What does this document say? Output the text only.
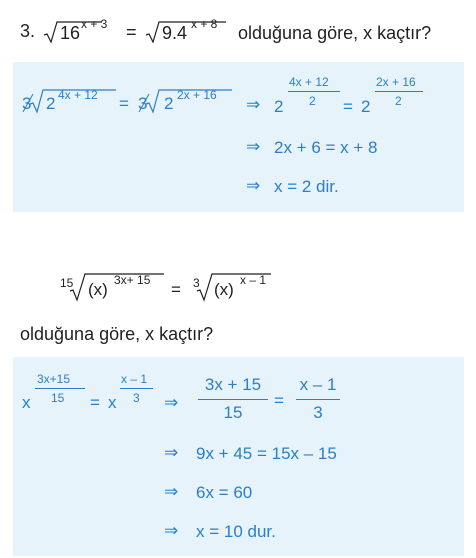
3. 16 x + 3 = 9.4 x + 8 olduğuna göre, x kaçtır?
3 2 4x + 12 = 3 2 2x + 16 ⇒ 2
4x + 12
2 = 2
2x + 16
2
⇒ 2x + 6 = x + 8
⇒ x = 2 dir.
15 (x) 3x+ 15 = 3 (x) x – 1
olduğuna göre, x kaçtır?
x
3x+15
15 = x
x – 1
3 ⇒
3x + 15
15
=
x – 1
3
⇒ 9x + 45 = 15x – 15
⇒ 6x = 60
⇒ x = 10 dur.
